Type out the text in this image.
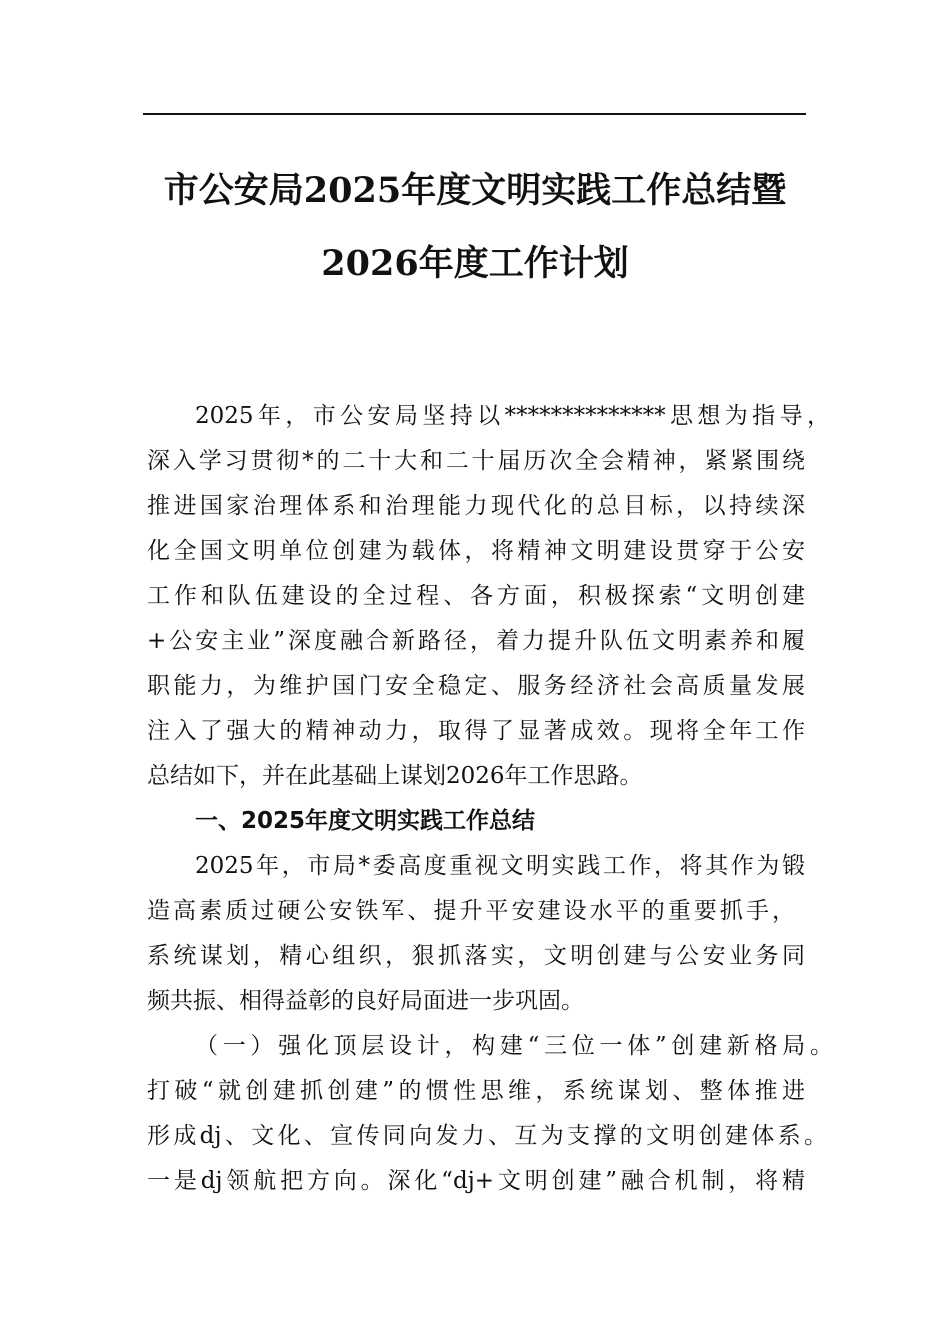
市公安局2025年度文明实践工作总结暨
2026年度工作计划
2025年，市公安局坚持以**************思想为指导，
深入学习贯彻*的二十大和二十届历次全会精神，紧紧围绕
推进国家治理体系和治理能力现代化的总目标，以持续深
化全国文明单位创建为载体，将精神文明建设贯穿于公安
工作和队伍建设的全过程、各方面，积极探索“文明创建
+公安主业”深度融合新路径，着力提升队伍文明素养和履
职能力，为维护国门安全稳定、服务经济社会高质量发展
注入了强大的精神动力，取得了显著成效。现将全年工作
总结如下，并在此基础上谋划2026年工作思路。
一、2025年度文明实践工作总结
2025年，市局*委高度重视文明实践工作，将其作为锻
造高素质过硬公安铁军、提升平安建设水平的重要抓手，
系统谋划，精心组织，狠抓落实，文明创建与公安业务同
频共振、相得益彰的良好局面进一步巩固。
（一）强化顶层设计，构建“三位一体”创建新格局。
打破“就创建抓创建”的惯性思维，系统谋划、整体推进
形成dj、文化、宣传同向发力、互为支撑的文明创建体系。
一是dj领航把方向。深化“dj+文明创建”融合机制，将精
